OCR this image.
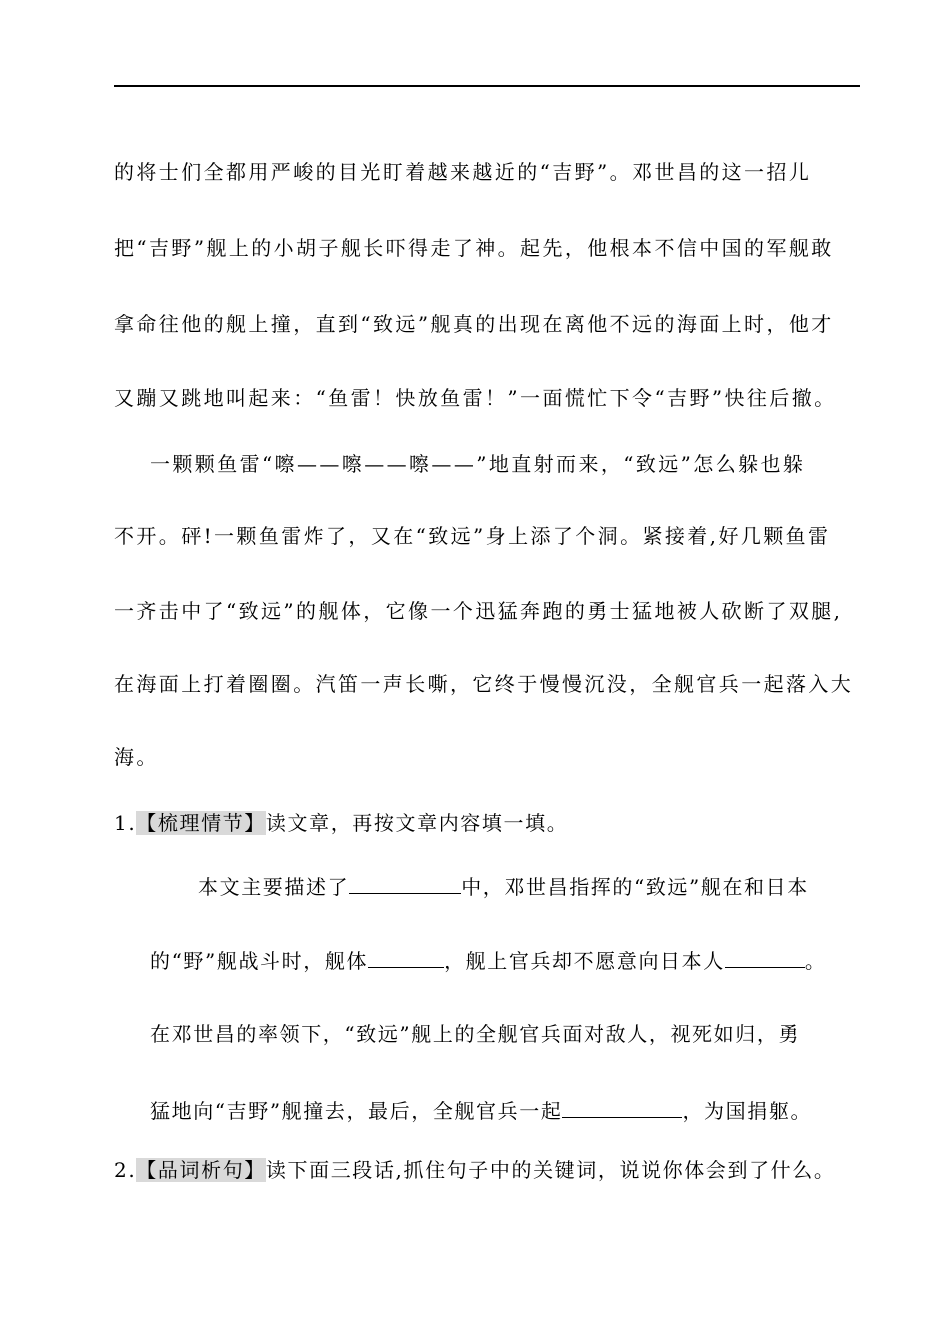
的将士们全都用严峻的目光盯着越来越近的“吉野”。邓世昌的这一招儿
把“吉野”舰上的小胡子舰长吓得走了神。起先，他根本不信中国的军舰敢
拿命往他的舰上撞，直到“致远”舰真的出现在离他不远的海面上时，他才
又蹦又跳地叫起来：“鱼雷！快放鱼雷！”一面慌忙下令“吉野”快往后撤。
一颗颗鱼雷“嚓——嚓——嚓——”地直射而来，“致远”怎么躲也躲
不开。砰!一颗鱼雷炸了，又在“致远”身上添了个洞。紧接着,好几颗鱼雷
一齐击中了“致远”的舰体，它像一个迅猛奔跑的勇士猛地被人砍断了双腿,
在海面上打着圈圈。汽笛一声长嘶，它终于慢慢沉没，全舰官兵一起落入大
海。
1.【梳理情节】读文章，再按文章内容填一填。
本文主要描述了	中，邓世昌指挥的“致远”舰在和日本
的“野”舰战斗时，舰体	，舰上官兵却不愿意向日本人	。
在邓世昌的率领下，“致远”舰上的全舰官兵面对敌人，视死如归，勇
猛地向“吉野”舰撞去，最后，全舰官兵一起	，为国捐躯。
2.【品词析句】读下面三段话,抓住句子中的关键词，说说你体会到了什么。
